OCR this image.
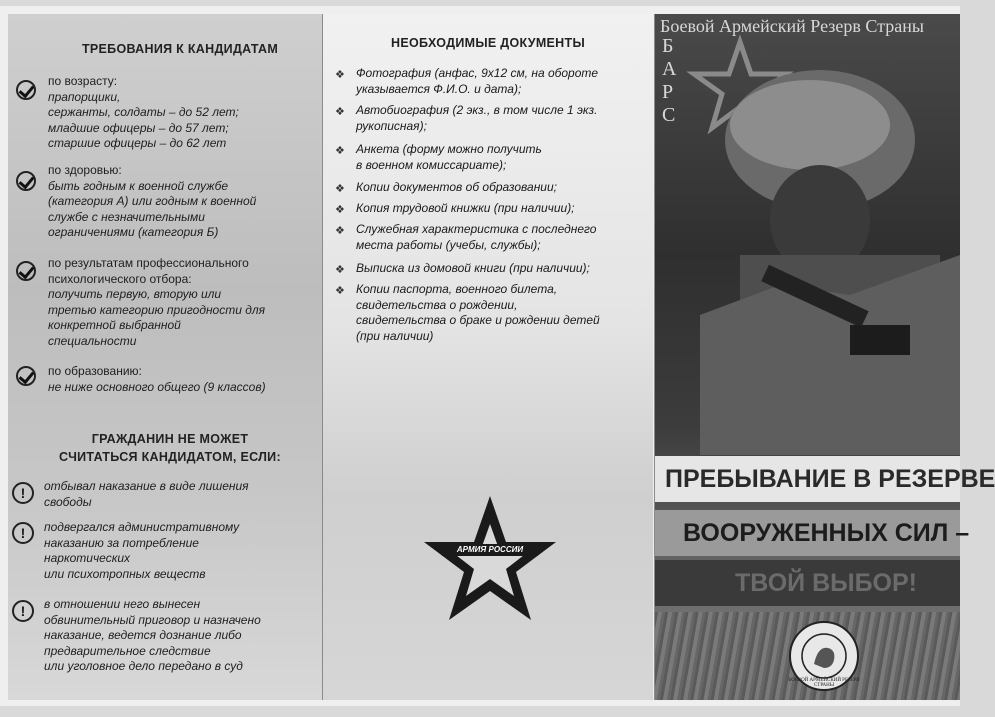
ТРЕБОВАНИЯ К КАНДИДАТАМ
по возрасту:
прапорщики,
сержанты, солдаты – до 52 лет;
младшие офицеры – до 57 лет;
старшие офицеры – до 62 лет
по здоровью:
быть годным к военной службе
(категория А) или годным к военной
службе с незначительными
ограничениями (категория Б)
по результатам профессионального
психологического отбора:
получить первую, вторую или
третью категорию пригодности для
конкретной выбранной
специальности
по образованию:
не ниже основного общего (9 классов)
ГРАЖДАНИН НЕ МОЖЕТ
СЧИТАТЬСЯ КАНДИДАТОМ, ЕСЛИ:
!	отбывал наказание в виде лишения
свободы
!	подвергался административному
наказанию за потребление
наркотических
или психотропных веществ
!	в отношении него вынесен
обвинительный приговор и назначено
наказание, ведется дознание либо
предварительное следствие
или уголовное дело передано в суд
НЕОБХОДИМЫЕ ДОКУМЕНТЫ
❖ Фотография (анфас, 9х12 см, на обороте
указывается Ф.И.О. и дата);
❖ Автобиография (2 экз., в том числе 1 экз.
рукописная);
❖ Анкета (форму можно получить
в военном комиссариате);
❖ Копии документов об образовании;
❖ Копия трудовой книжки (при наличии);
❖ Служебная характеристика с последнего
места работы (учебы, службы);
❖ Выписка из домовой книги (при наличии);
❖ Копии паспорта, военного билета,
свидетельства о рождении,
свидетельства о браке и рождении детей
(при наличии)
АРМИЯ РОССИИ
Боевой Армейский Резерв Страны
Б
А
Р
С
ПРЕБЫВАНИЕ В РЕЗЕРВЕ
ВООРУЖЕННЫХ СИЛ –
ТВОЙ ВЫБОР!
БОЕВОЙ АРМЕЙСКИЙ РЕЗЕРВ СТРАНЫ
